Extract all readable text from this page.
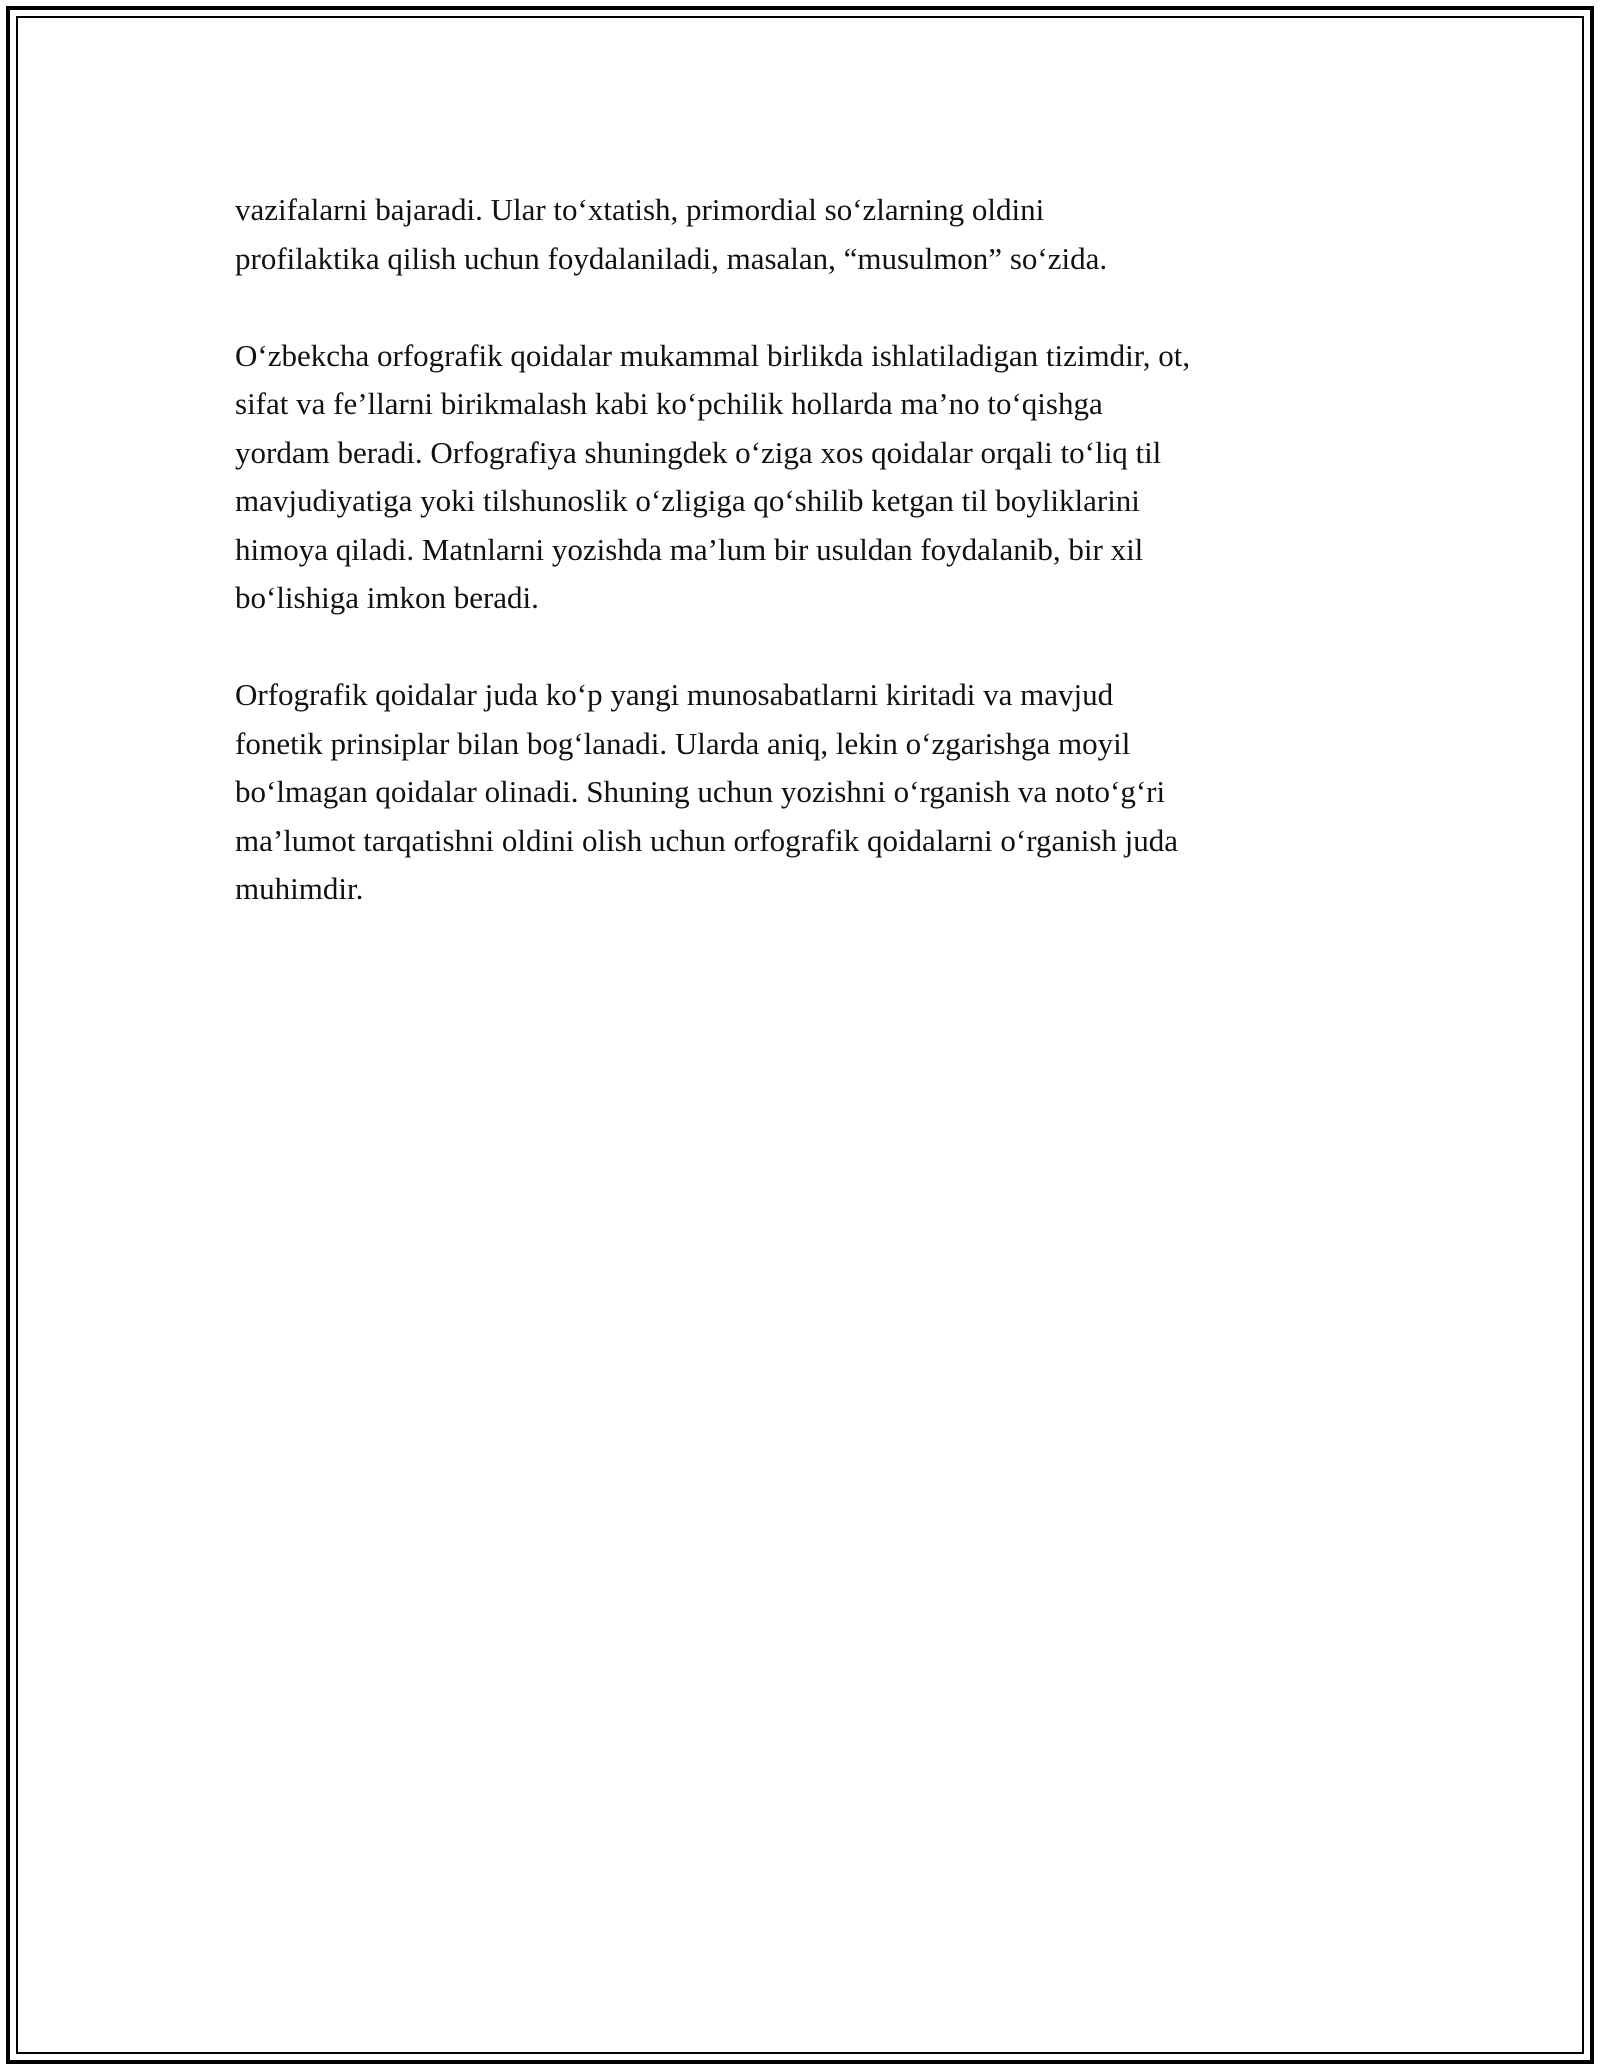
vazifalarni bajaradi. Ular to‘xtatish, primordial so‘zlarning oldini
profilaktika qilish uchun foydalaniladi, masalan, “musulmon” so‘zida.

O‘zbekcha orfografik qoidalar mukammal birlikda ishlatiladigan tizimdir, ot,
sifat va fe’llarni birikmalash kabi ko‘pchilik hollarda ma’no to‘qishga
yordam beradi. Orfografiya shuningdek o‘ziga xos qoidalar orqali to‘liq til
mavjudiyatiga yoki tilshunoslik o‘zligiga qo‘shilib ketgan til boyliklarini
himoya qiladi. Matnlarni yozishda ma’lum bir usuldan foydalanib, bir xil
bo‘lishiga imkon beradi.

Orfografik qoidalar juda ko‘p yangi munosabatlarni kiritadi va mavjud
fonetik prinsiplar bilan bog‘lanadi. Ularda aniq, lekin o‘zgarishga moyil
bo‘lmagan qoidalar olinadi. Shuning uchun yozishni o‘rganish va noto‘g‘ri
ma’lumot tarqatishni oldini olish uchun orfografik qoidalarni o‘rganish juda
muhimdir.
